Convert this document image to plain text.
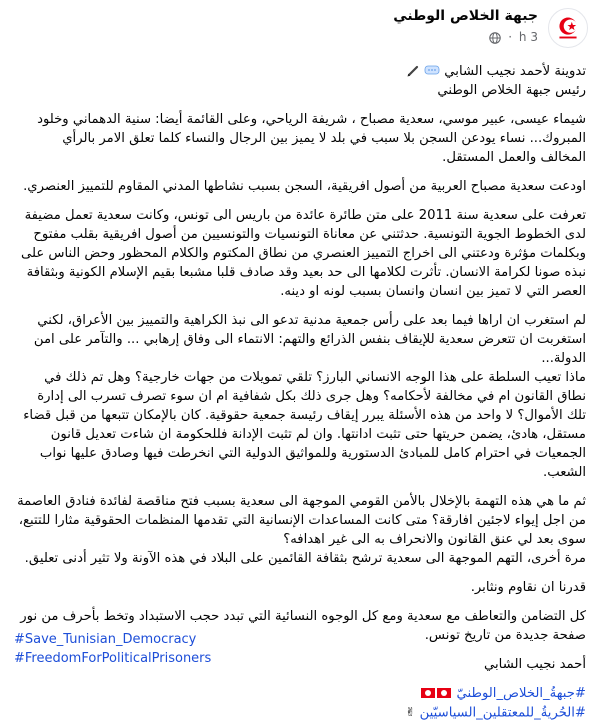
جبهة الخلاص الوطني
3 h ·

تدوينة لأحمد نجيب الشابي

رئيس جبهة الخلاص الوطني

شيماء عيسى، عبير موسي، سعدية مصباح ، شريفة الرياحي، وعلى القائمة أيضا: سنية الدهماني وخلود المبروك... نساء يودعن السجن بلا سبب في بلد لا يميز بين الرجال والنساء كلما تعلق الامر بالرأي المخالف والعمل المستقل.

اودعت سعدية مصباح العربية من أصول افريقية، السجن بسبب نشاطها المدني المقاوم للتمييز العنصري.

تعرفت على سعدية سنة 2011 على متن طائرة عائدة من باريس الى تونس، وكانت سعدية تعمل مضيفة لدى الخطوط الجوية التونسية. حدثتني عن معاناة التونسيات والتونسيين من أصول افريقية بقلب مفتوح وبكلمات مؤثرة ودعتني الى اخراج التمييز العنصري من نطاق المكتوم والكلام المحظور وحض الناس على نبذه صونا لكرامة الانسان. تأثرت لكلامها الى حد بعيد وقد صادف قلبا مشبعا بقيم الإسلام الكونية وبثقافة العصر التي لا تميز بين انسان وانسان بسبب لونه او دينه.

لم استغرب ان اراها فيما بعد على رأس جمعية مدنية تدعو الى نبذ الكراهية والتمييز بين الأعراق، لكني استغربت ان تتعرض سعدية للإيقاف بنفس الذرائع والتهم: الانتماء الى وفاق إرهابي ... والتآمر على امن الدولة...

ماذا تعيب السلطة على هذا الوجه الانساني البارز؟ تلقي تمويلات من جهات خارجية؟ وهل تم ذلك في نطاق القانون ام في مخالفة لأحكامه؟ وهل جرى ذلك بكل شفافية ام ان سوء تصرف تسرب الى إدارة تلك الأموال؟ لا واحد من هذه الأسئلة يبرر إيقاف رئيسة جمعية حقوقية. كان بالإمكان تتبعها من قبل قضاء مستقل، هادئ، يضمن حريتها حتى تثبت ادانتها. وان لم تثبت الإدانة فللحكومة ان شاءت تعديل قانون الجمعيات في احترام كامل للمبادئ الدستورية وللمواثيق الدولية التي انخرطت فيها وصادق عليها نواب الشعب.

ثم ما هي هذه التهمة بالإخلال بالأمن القومي الموجهة الى سعدية بسبب فتح مناقصة لفائدة فنادق العاصمة من اجل إيواء لاجئين افارقة؟ متى كانت المساعدات الإنسانية التي تقدمها المنظمات الحقوقية مثارا للتتبع، سوى بعد لي عنق القانون والانحراف به الى غير اهدافه؟

مرة أخرى، التهم الموجهة الى سعدية ترشح بثقافة القائمين على البلاد في هذه الآونة ولا تثير أدنى تعليق.

قدرنا ان نقاوم ونثابر.

كل التضامن والتعاطف مع سعدية ومع كل الوجوه النسائية التي تبدد حجب الاستبداد وتخط بأحرف من نور صفحة جديدة من تاريخ تونس.

أحمد نجيب الشابي

#جبهةُ_الخلاص_الوطنيّ

#الحُريةُ_للمعتقلين_السياسيّين ✌

#Save_Tunisian_Democracy
#FreedomForPoliticalPrisoners
